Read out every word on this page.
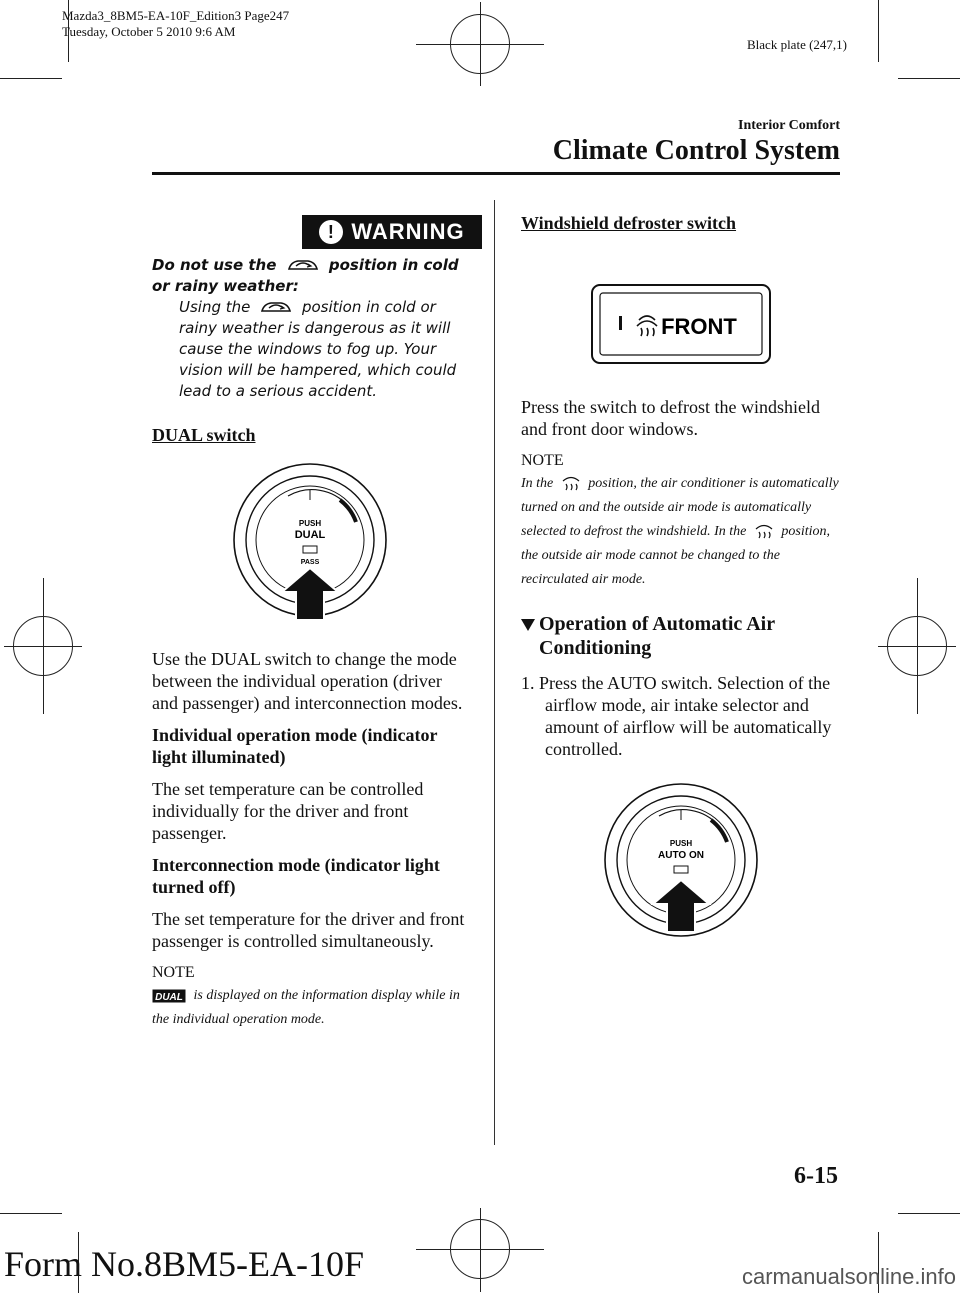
Mazda3_8BM5-EA-10F_Edition3 Page247
Tuesday, October 5 2010 9:6 AM
Black plate (247,1)
Interior Comfort
Climate Control System
! WARNING
Do not use the	position in cold or rainy weather:
Using the	position in cold or rainy weather is dangerous as it will cause the windows to fog up. Your vision will be hampered, which could lead to a serious accident.
DUAL switch
PUSH
DUAL
PASS
Use the DUAL switch to change the mode between the individual operation (driver and passenger) and interconnection modes.
Individual operation mode (indicator light illuminated)
The set temperature can be controlled individually for the driver and front passenger.
Interconnection mode (indicator light turned off)
The set temperature for the driver and front passenger is controlled simultaneously.
NOTE
DUAL is displayed on the information display while in the individual operation mode.
Windshield defroster switch
FRONT
Press the switch to defrost the windshield and front door windows.
NOTE
In the	position, the air conditioner is automatically turned on and the outside air mode is automatically selected to defrost the windshield. In the	position, the outside air mode cannot be changed to the recirculated air mode.
Operation of Automatic Air
Conditioning
1. Press the AUTO switch. Selection of the airflow mode, air intake selector and amount of airflow will be automatically controlled.
PUSH
AUTO ON
6-15
Form No.8BM5-EA-10F	carmanualsonline.info
